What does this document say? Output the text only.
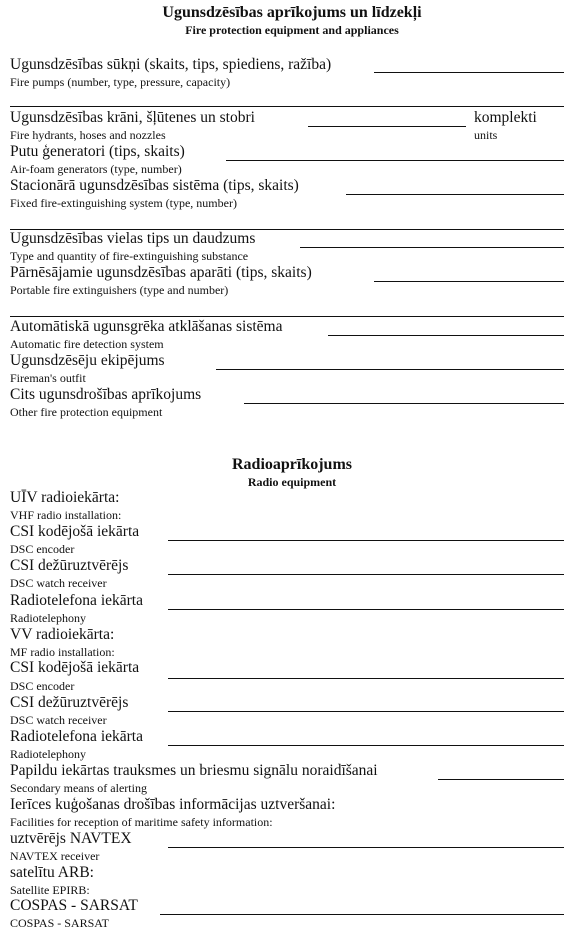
Ugunsdzēsības aprīkojums un līdzekļi
Fire protection equipment and appliances
Ugunsdzēsības sūkņi (skaits, tips, spiediens, ražība)
Fire pumps (number, type, pressure, capacity)
Ugunsdzēsības krāni, šļūtenes un stobri	komplekti
Fire hydrants, hoses and nozzles	units
Putu ģeneratori (tips, skaits)
Air-foam generators (type, number)
Stacionārā ugunsdzēsības sistēma (tips, skaits)
Fixed fire-extinguishing system (type, number)
Ugunsdzēsības vielas tips un daudzums
Type and quantity of fire-extinguishing substance
Pārnēsājamie ugunsdzēsības aparāti (tips, skaits)
Portable fire extinguishers (type and number)
Automātiskā ugunsgrēka atklāšanas sistēma
Automatic fire detection system
Ugunsdzēsēju ekipējums
Fireman's outfit
Cits ugunsdrošības aprīkojums
Other fire protection equipment
Radioaprīkojums
Radio equipment
UĪV radioiekārta:
VHF radio installation:
CSI kodējošā iekārta
DSC encoder
CSI dežūruztvērējs
DSC watch receiver
Radiotelefona iekārta
Radiotelephony
VV radioiekārta:
MF radio installation:
CSI kodējošā iekārta
DSC encoder
CSI dežūruztvērējs
DSC watch receiver
Radiotelefona iekārta
Radiotelephony
Papildu iekārtas trauksmes un briesmu signālu noraidīšanai
Secondary means of alerting
Ierīces kuģošanas drošības informācijas uztveršanai:
Facilities for reception of maritime safety information:
uztvērējs NAVTEX
NAVTEX receiver
satelītu ARB:
Satellite EPIRB:
COSPAS - SARSAT
COSPAS - SARSAT
